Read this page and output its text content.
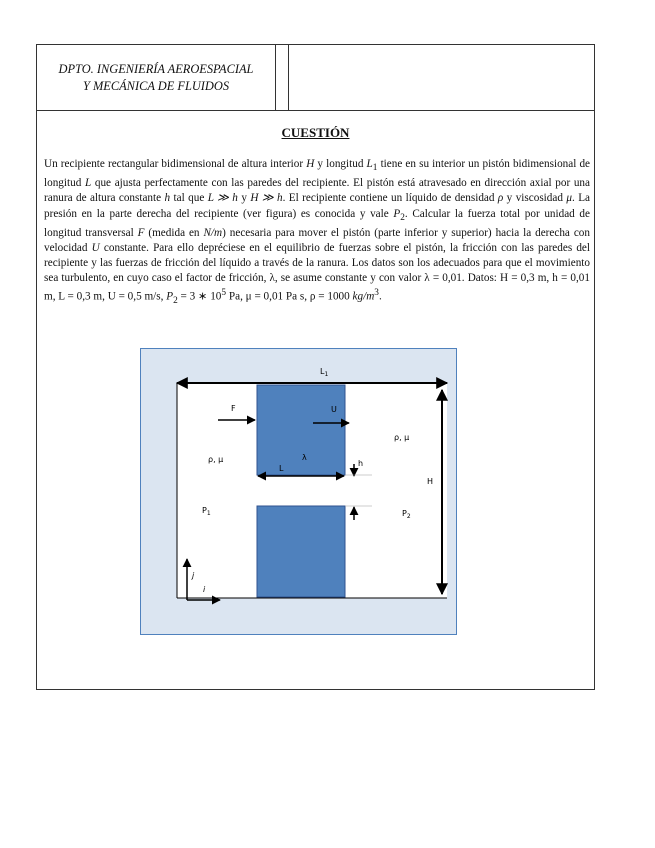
DPTO. INGENIERÍA AEROESPACIAL
Y MECÁNICA DE FLUIDOS
CUESTIÓN
Un recipiente rectangular bidimensional de altura interior H y longitud $L_1$ tiene en su interior un pistón bidimensional de longitud L que ajusta perfectamente con las paredes del recipiente. El pistón está atravesado en dirección axial por una ranura de altura constante h tal que L ≫ h y H ≫ h. El recipiente contiene un líquido de densidad ρ y viscosidad μ. La presión en la parte derecha del recipiente (ver figura) es conocida y vale $P_2$. Calcular la fuerza total por unidad de longitud transversal F (medida en N/m) necesaria para mover el pistón (parte inferior y superior) hacia la derecha con velocidad U constante. Para ello depréciese en el equilibrio de fuerzas sobre el pistón, la fricción con las paredes del recipiente y las fuerzas de fricción del líquido a través de la ranura. Los datos son los adecuados para que el movimiento sea turbulento, en cuyo caso el factor de fricción, λ, se asume constante y con valor λ = 0,01. Datos: H = 0,3 m, h = 0,01 m, L = 0,3 m, U = 0,5 m/s, $P_2 = 3$ ∗ $10^5$ Pa, μ = 0,01 Pa s, ρ = 1000 $kg/m^3$.
$L_1$
F	U
ρ, μ
ρ, μ
λ
L
h
H
$P_1$	$P_2$
j
i
